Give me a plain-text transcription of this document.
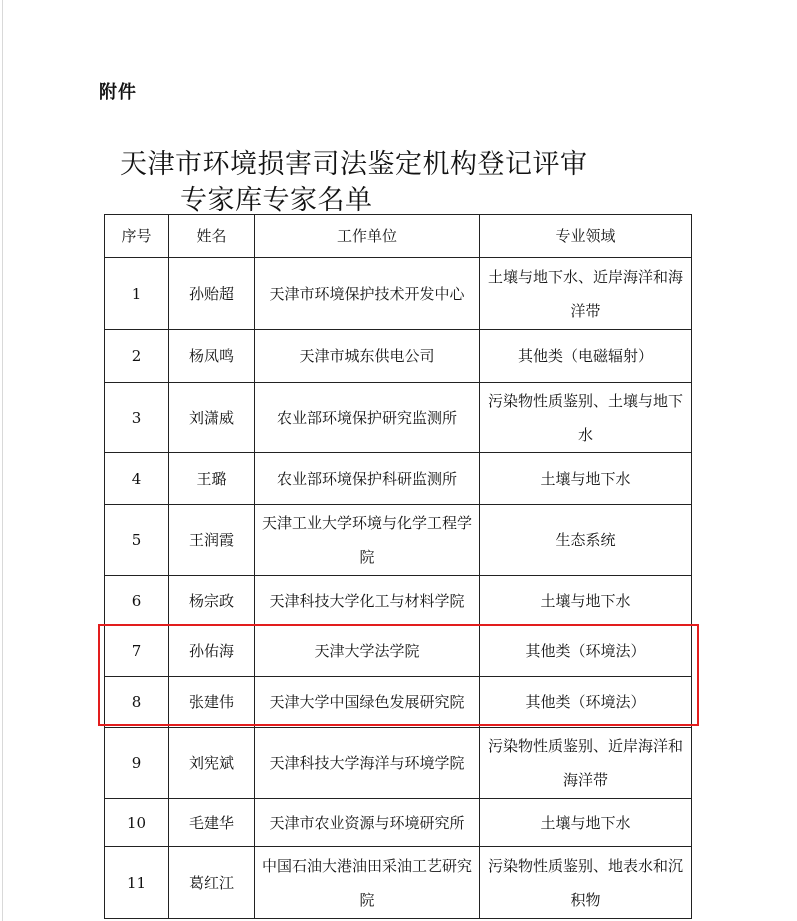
附件
天津市环境损害司法鉴定机构登记评审
专家库专家名单
序号	姓名	工作单位	专业领域
1	孙贻超	天津市环境保护技术开发中心	土壤与地下水、近岸海洋和海洋带
2	杨凤鸣	天津市城东供电公司	其他类（电磁辐射）
3	刘潇威	农业部环境保护研究监测所	污染物性质鉴别、土壤与地下水
4	王璐	农业部环境保护科研监测所	土壤与地下水
5	王润霞	天津工业大学环境与化学工程学院	生态系统
6	杨宗政	天津科技大学化工与材料学院	土壤与地下水
7	孙佑海	天津大学法学院	其他类（环境法）
8	张建伟	天津大学中国绿色发展研究院	其他类（环境法）
9	刘宪斌	天津科技大学海洋与环境学院	污染物性质鉴别、近岸海洋和海洋带
10	毛建华	天津市农业资源与环境研究所	土壤与地下水
11	葛红江	中国石油大港油田采油工艺研究院	污染物性质鉴别、地表水和沉积物
